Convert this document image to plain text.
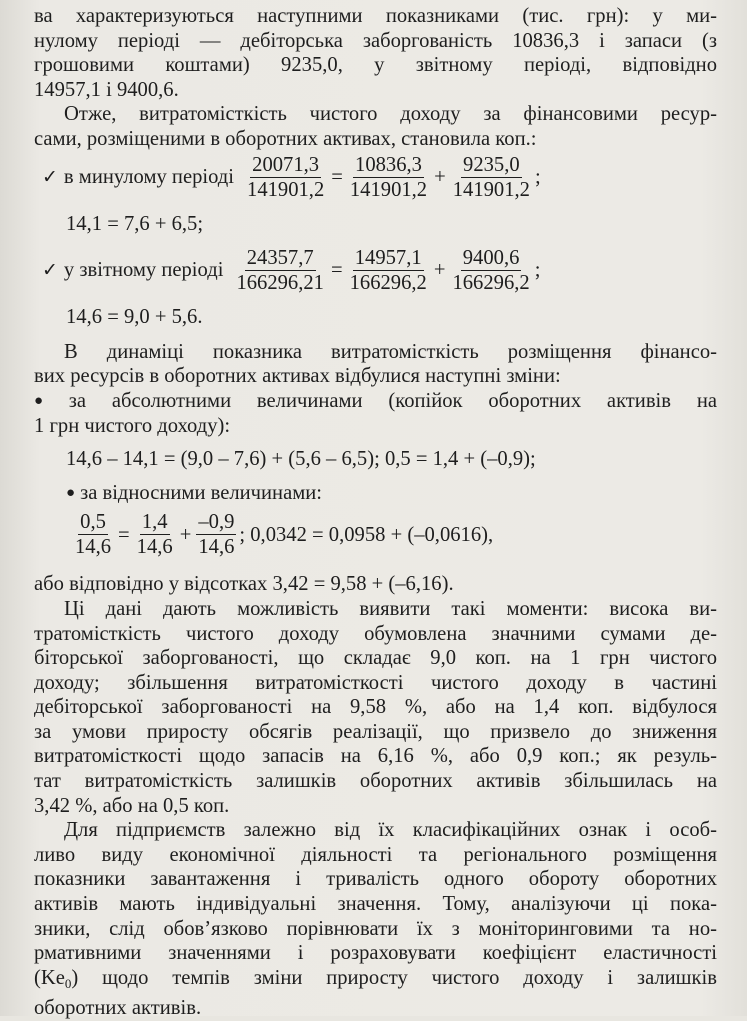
ва характеризуються наступними показниками (тис. грн): у ми-

нулому періоді — дебіторська заборгованість 10836,3 і запаси (з

грошовими коштами) 9235,0, у звітному періоді, відповідно

14957,1 і 9400,6.

Отже, витратомісткість чистого доходу за фінансовими ресур-

сами, розміщеними в оборотних активах, становила коп.:

✓ в минулому періоді $\frac{20071,3}{141901,2} = \frac{10836,3}{141901,2} + \frac{9235,0}{141901,2}$ ;

14,1 = 7,6 + 6,5;

✓ у звітному періоді $\frac{24357,7}{166296,21} = \frac{14957,1}{166296,2} + \frac{9400,6}{166296,2}$ ;

14,6 = 9,0 + 5,6.

В динаміці показника витратомісткість розміщення фінансо-

вих ресурсів в оборотних активах відбулися наступні зміни:

● за абсолютними величинами (копійок оборотних активів на

1 грн чистого доходу):

14,6 – 14,1 = (9,0 – 7,6) + (5,6 – 6,5); 0,5 = 1,4 + (–0,9);

● за відносними величинами:

$\frac{0,5}{14,6} = \frac{1,4}{14,6} + \frac{-0,9}{14,6}$ ; 0,0342 = 0,0958 + (–0,0616),

або відповідно у відсотках 3,42 = 9,58 + (–6,16).

Ці дані дають можливість виявити такі моменти: висока ви-

тратомісткість чистого доходу обумовлена значними сумами де-

біторської заборгованості, що складає 9,0 коп. на 1 грн чистого

доходу; збільшення витратомісткості чистого доходу в частині

дебіторської заборгованості на 9,58 %, або на 1,4 коп. відбулося

за умови приросту обсягів реалізації, що призвело до зниження

витратомісткості щодо запасів на 6,16 %, або 0,9 коп.; як резуль-

тат витратомісткість залишків оборотних активів збільшилась на

3,42 %, або на 0,5 коп.

Для підприємств залежно від їх класифікаційних ознак і особ-

ливо виду економічної діяльності та регіонального розміщення

показники завантаження і тривалість одного обороту оборотних

активів мають індивідуальні значення. Тому, аналізуючи ці пока-

зники, слід обов’язково порівнювати їх з моніторинговими та но-

рмативними значеннями і розраховувати коефіцієнт еластичності

$(Ke_0)$ щодо темпів зміни приросту чистого доходу і залишків

оборотних активів.
